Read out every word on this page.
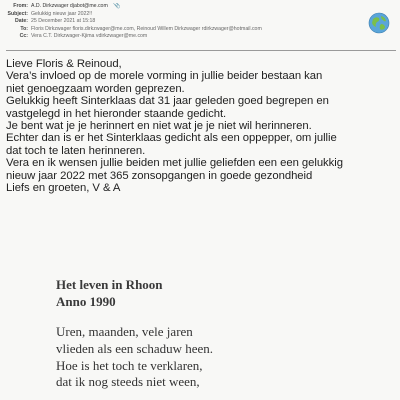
From: A.D. Dirkzwager djabot@me.com 📎
Subject: Gelukkig nieuw jaar 2022!!
Date: 25 December 2021 at 15:18
To: Floris Dirkzwager floris.dirkzwager@me.com, Reinoud Willem Dirkzwager rdirkzwager@hotmail.com
Cc: Vera C.T. Dirkzwager-Kjima vdirkzwager@me.com
Lieve Floris & Reinoud,
Vera’s invloed op de morele vorming in jullie beider bestaan kan
niet genoegzaam worden geprezen.
Gelukkig heeft Sinterklaas dat 31 jaar geleden goed begrepen en
vastgelegd in het hieronder staande gedicht.
Je bent wat je je herinnert en niet wat je je niet wil herinneren.
Echter dan is er het Sinterklaas gedicht als een oppepper, om jullie
dat toch te laten herinneren.
Vera en ik wensen jullie beiden met jullie geliefden een een gelukkig
nieuw jaar 2022 met 365 zonsopgangen in goede gezondheid
Liefs en groeten, V & A
Het leven in Rhoon
Anno 1990
Uren, maanden, vele jaren
vlieden als een schaduw heen.
Hoe is het toch te verklaren,
dat ik nog steeds niet ween,
